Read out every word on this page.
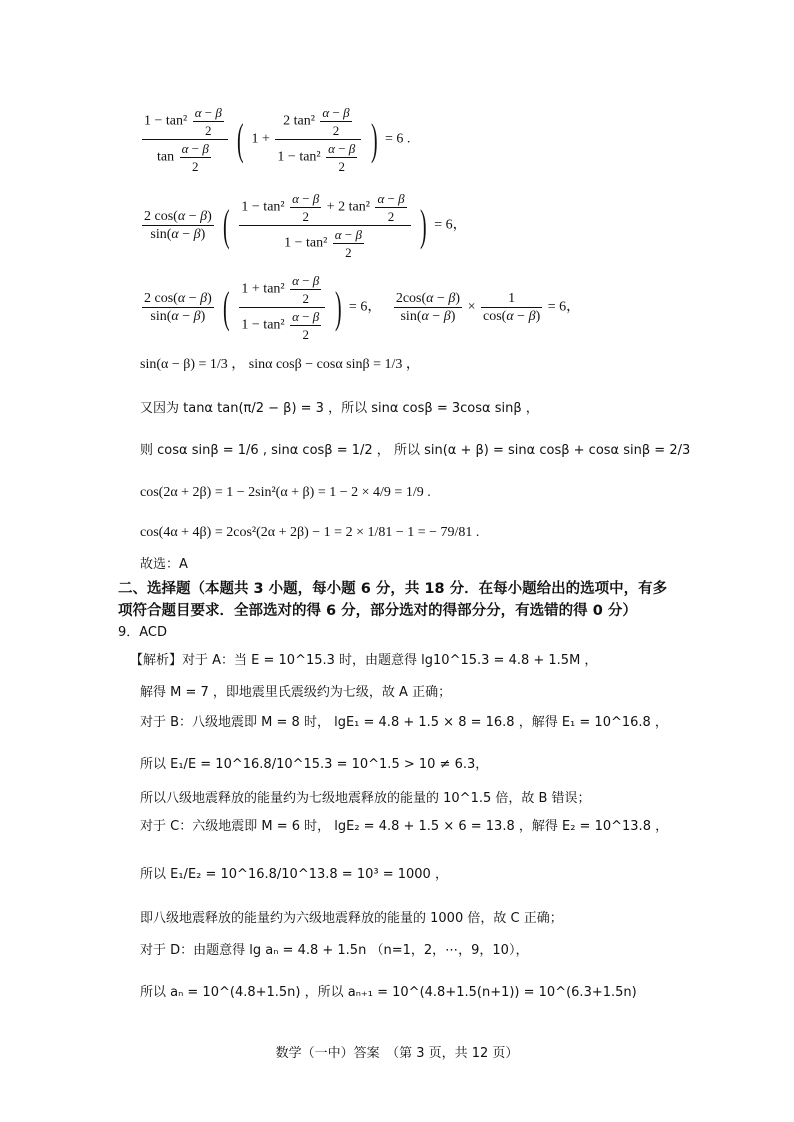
$\frac{1 - \tan^2 \frac{\alpha - \beta}{2}}{\tan \frac{\alpha - \beta}{2}}$ ( $1 + \frac{2 \tan^2 \frac{\alpha - \beta}{2}}{1 - \tan^2 \frac{\alpha - \beta}{2}}$ ) = 6 .
$\frac{2 \cos(\alpha - \beta)}{\sin(\alpha - \beta)}$ ( $\frac{1 - \tan^2 \frac{\alpha - \beta}{2} + 2 \tan^2 \frac{\alpha - \beta}{2}}{1 - \tan^2 \frac{\alpha - \beta}{2}}$ ) = 6，
$\frac{2 \cos(\alpha - \beta)}{\sin(\alpha - \beta)}$ ( $\frac{1 + \tan^2 \frac{\alpha - \beta}{2}}{1 - \tan^2 \frac{\alpha - \beta}{2}}$ ) = 6， $\frac{2\cos(\alpha - \beta)}{\sin(\alpha - \beta)} \times \frac{1}{\cos(\alpha - \beta)} = 6$，
sin(α − β) = 1/3 ， sinα cosβ − cosα sinβ = 1/3 ，
又因为 tanα tan(π/2 − β) = 3 ，所以 sinα cosβ = 3cosα sinβ ，
则 cosα sinβ = 1/6 , sinα cosβ = 1/2 ， 所以 sin(α + β) = sinα cosβ + cosα sinβ = 2/3
cos(2α + 2β) = 1 − 2sin²(α + β) = 1 − 2 × 4/9 = 1/9 .
cos(4α + 4β) = 2cos²(2α + 2β) − 1 = 2 × 1/81 − 1 = − 79/81 .
故选：A
二、选择题（本题共 3 小题，每小题 6 分，共 18 分．在每小题给出的选项中，有多项符合题目要求．全部选对的得 6 分，部分选对的得部分分，有选错的得 0 分）
9．ACD
【解析】对于 A：当 E = 10^15.3 时，由题意得 lg10^15.3 = 4.8 + 1.5M ，
解得 M = 7 ，即地震里氏震级约为七级，故 A 正确；
对于 B：八级地震即 M = 8 时， lgE₁ = 4.8 + 1.5 × 8 = 16.8 ，解得 E₁ = 10^16.8 ，
所以 E₁/E = 10^16.8/10^15.3 = 10^1.5 > 10 ≠ 6.3，
所以八级地震释放的能量约为七级地震释放的能量的 10^1.5 倍，故 B 错误；
对于 C：六级地震即 M = 6 时， lgE₂ = 4.8 + 1.5 × 6 = 13.8 ，解得 E₂ = 10^13.8 ，
所以 E₁/E₂ = 10^16.8/10^13.8 = 10³ = 1000 ，
即八级地震释放的能量约为六级地震释放的能量的 1000 倍，故 C 正确；
对于 D：由题意得 lg aₙ = 4.8 + 1.5n （n=1，2，⋯，9，10），
所以 aₙ = 10^(4.8+1.5n) ，所以 aₙ₊₁ = 10^(4.8+1.5(n+1)) = 10^(6.3+1.5n)
数学（一中）答案　（第 3 页，共 12 页）
